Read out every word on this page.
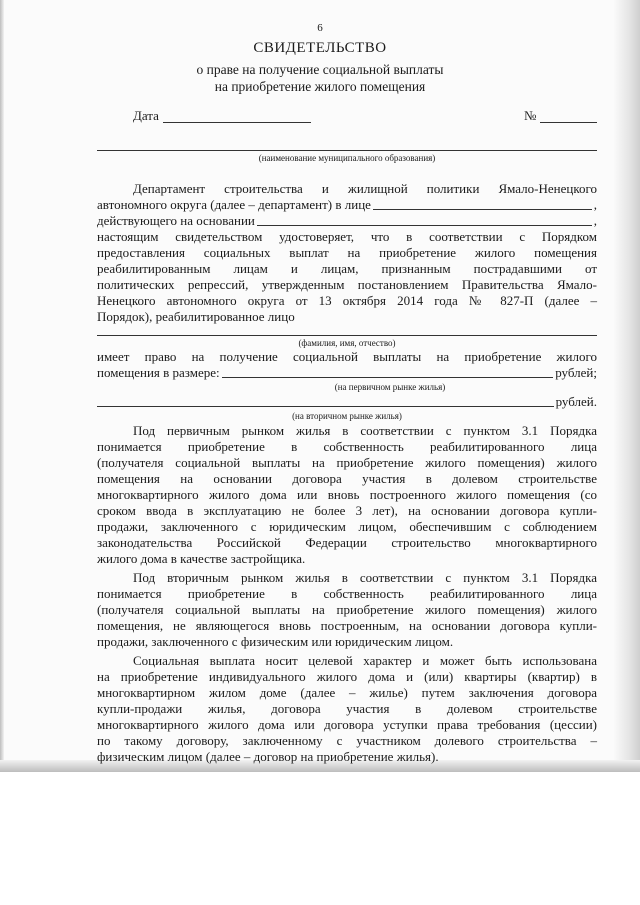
6
СВИДЕТЕЛЬСТВО
о праве на получение социальной выплаты
на приобретение жилого помещения
Дата	№
(наименование муниципального образования)
Департамент строительства и жилищной политики Ямало-Ненецкого
автономного округа (далее – департамент) в лице	,
действующего на основании	,
настоящим свидетельством удостоверяет, что в соответствии с Порядком
предоставления социальных выплат на приобретение жилого помещения
реабилитированным лицам и лицам, признанным пострадавшими от
политических репрессий, утвержденным постановлением Правительства Ямало-
Ненецкого автономного округа от 13 октября 2014 года № 827-П (далее –
Порядок), реабилитированное лицо
(фамилия, имя, отчество)
имеет право на получение социальной выплаты на приобретение жилого
помещения в размере:	рублей;
(на первичном рынке жилья)
рублей.
(на вторичном рынке жилья)
Под первичным рынком жилья в соответствии с пунктом 3.1 Порядка
понимается приобретение в собственность реабилитированного лица
(получателя социальной выплаты на приобретение жилого помещения) жилого
помещения на основании договора участия в долевом строительстве
многоквартирного жилого дома или вновь построенного жилого помещения (со
сроком ввода в эксплуатацию не более 3 лет), на основании договора купли-
продажи, заключенного с юридическим лицом, обеспечившим с соблюдением
законодательства Российской Федерации строительство многоквартирного
жилого дома в качестве застройщика.
Под вторичным рынком жилья в соответствии с пунктом 3.1 Порядка
понимается приобретение в собственность реабилитированного лица
(получателя социальной выплаты на приобретение жилого помещения) жилого
помещения, не являющегося вновь построенным, на основании договора купли-
продажи, заключенного с физическим или юридическим лицом.
Социальная выплата носит целевой характер и может быть использована
на приобретение индивидуального жилого дома и (или) квартиры (квартир) в
многоквартирном жилом доме (далее – жилье) путем заключения договора
купли-продажи жилья, договора участия в долевом строительстве
многоквартирного жилого дома или договора уступки права требования (цессии)
по такому договору, заключенному с участником долевого строительства –
физическим лицом (далее – договор на приобретение жилья).
